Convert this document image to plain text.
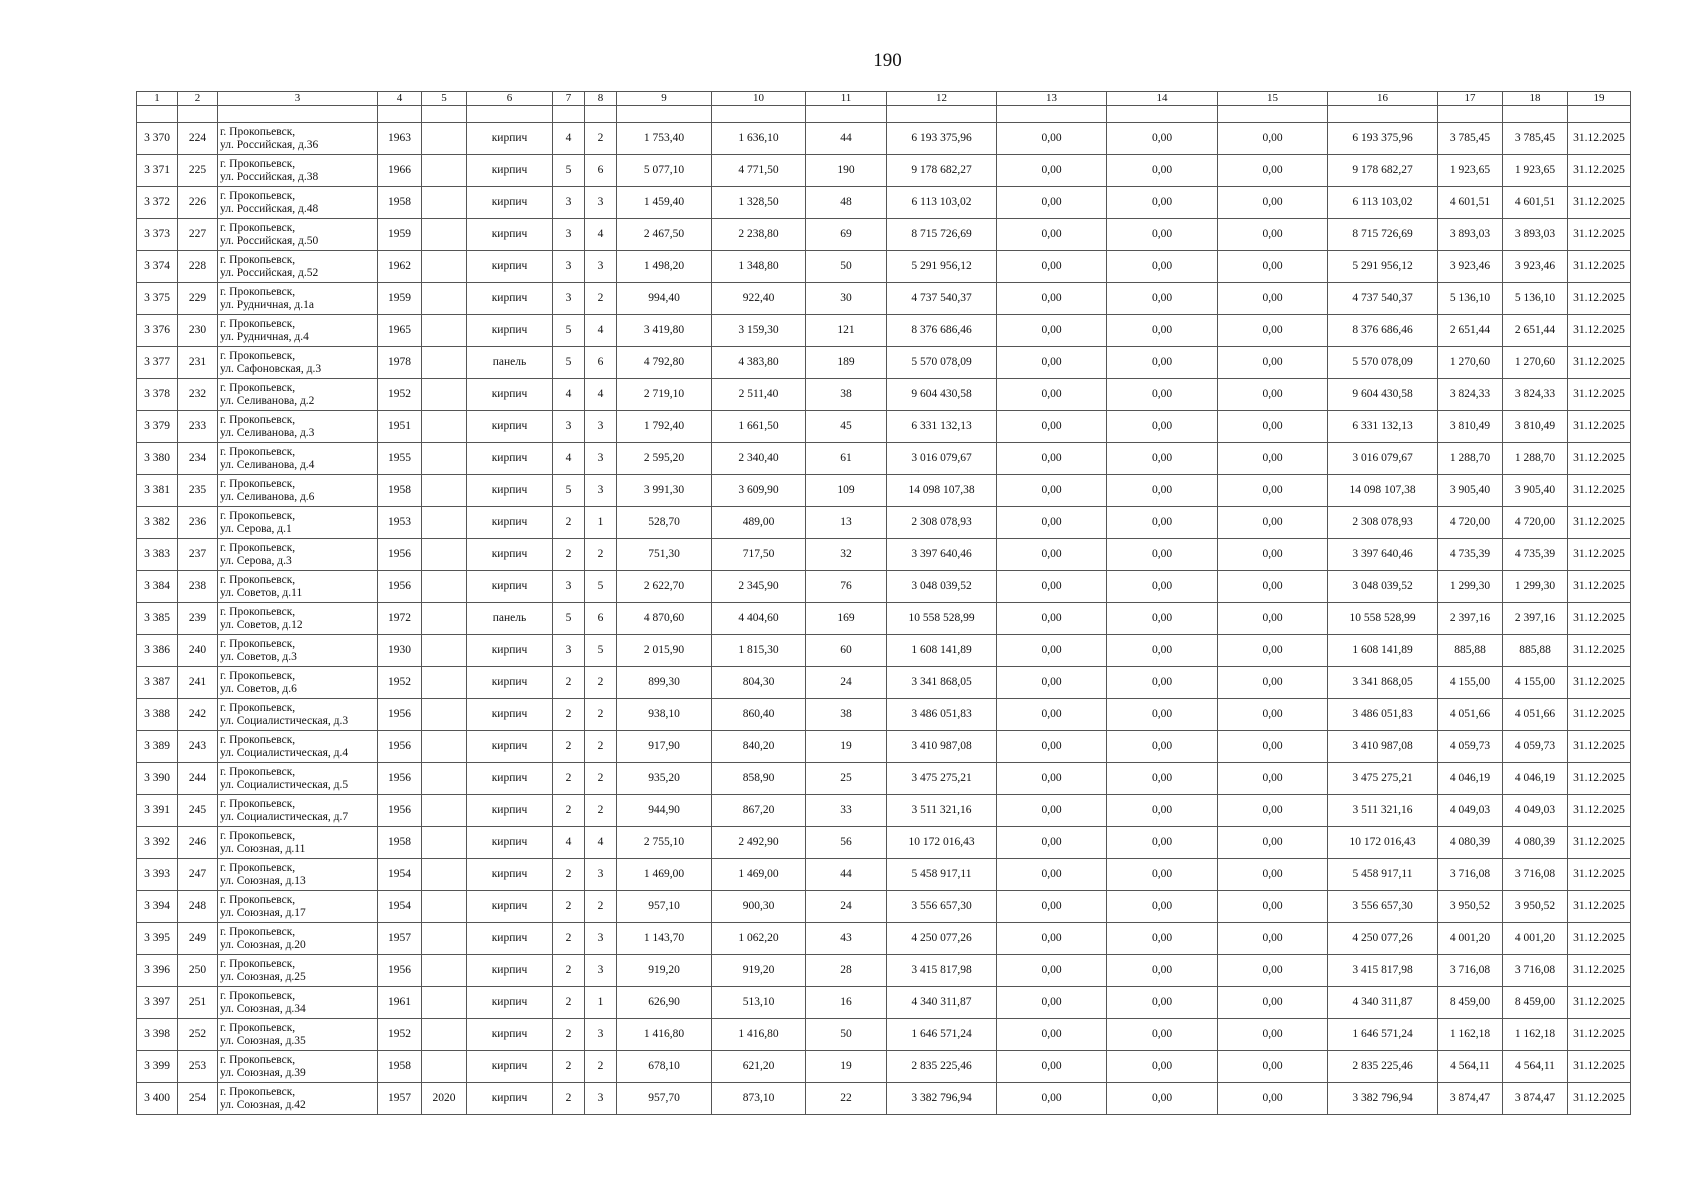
190
1	2	3	4	5	6	7	8	9	10	11	12	13	14	15	16	17	18	19

3 370	224	г. Прокопьевск,
ул. Российская, д.36	1963		кирпич	4	2	1 753,40	1 636,10	44	6 193 375,96	0,00	0,00	0,00	6 193 375,96	3 785,45	3 785,45	31.12.2025
3 371	225	г. Прокопьевск,
ул. Российская, д.38	1966		кирпич	5	6	5 077,10	4 771,50	190	9 178 682,27	0,00	0,00	0,00	9 178 682,27	1 923,65	1 923,65	31.12.2025
3 372	226	г. Прокопьевск,
ул. Российская, д.48	1958		кирпич	3	3	1 459,40	1 328,50	48	6 113 103,02	0,00	0,00	0,00	6 113 103,02	4 601,51	4 601,51	31.12.2025
3 373	227	г. Прокопьевск,
ул. Российская, д.50	1959		кирпич	3	4	2 467,50	2 238,80	69	8 715 726,69	0,00	0,00	0,00	8 715 726,69	3 893,03	3 893,03	31.12.2025
3 374	228	г. Прокопьевск,
ул. Российская, д.52	1962		кирпич	3	3	1 498,20	1 348,80	50	5 291 956,12	0,00	0,00	0,00	5 291 956,12	3 923,46	3 923,46	31.12.2025
3 375	229	г. Прокопьевск,
ул. Рудничная, д.1а	1959		кирпич	3	2	994,40	922,40	30	4 737 540,37	0,00	0,00	0,00	4 737 540,37	5 136,10	5 136,10	31.12.2025
3 376	230	г. Прокопьевск,
ул. Рудничная, д.4	1965		кирпич	5	4	3 419,80	3 159,30	121	8 376 686,46	0,00	0,00	0,00	8 376 686,46	2 651,44	2 651,44	31.12.2025
3 377	231	г. Прокопьевск,
ул. Сафоновская, д.3	1978		панель	5	6	4 792,80	4 383,80	189	5 570 078,09	0,00	0,00	0,00	5 570 078,09	1 270,60	1 270,60	31.12.2025
3 378	232	г. Прокопьевск,
ул. Селиванова, д.2	1952		кирпич	4	4	2 719,10	2 511,40	38	9 604 430,58	0,00	0,00	0,00	9 604 430,58	3 824,33	3 824,33	31.12.2025
3 379	233	г. Прокопьевск,
ул. Селиванова, д.3	1951		кирпич	3	3	1 792,40	1 661,50	45	6 331 132,13	0,00	0,00	0,00	6 331 132,13	3 810,49	3 810,49	31.12.2025
3 380	234	г. Прокопьевск,
ул. Селиванова, д.4	1955		кирпич	4	3	2 595,20	2 340,40	61	3 016 079,67	0,00	0,00	0,00	3 016 079,67	1 288,70	1 288,70	31.12.2025
3 381	235	г. Прокопьевск,
ул. Селиванова, д.6	1958		кирпич	5	3	3 991,30	3 609,90	109	14 098 107,38	0,00	0,00	0,00	14 098 107,38	3 905,40	3 905,40	31.12.2025
3 382	236	г. Прокопьевск,
ул. Серова, д.1	1953		кирпич	2	1	528,70	489,00	13	2 308 078,93	0,00	0,00	0,00	2 308 078,93	4 720,00	4 720,00	31.12.2025
3 383	237	г. Прокопьевск,
ул. Серова, д.3	1956		кирпич	2	2	751,30	717,50	32	3 397 640,46	0,00	0,00	0,00	3 397 640,46	4 735,39	4 735,39	31.12.2025
3 384	238	г. Прокопьевск,
ул. Советов, д.11	1956		кирпич	3	5	2 622,70	2 345,90	76	3 048 039,52	0,00	0,00	0,00	3 048 039,52	1 299,30	1 299,30	31.12.2025
3 385	239	г. Прокопьевск,
ул. Советов, д.12	1972		панель	5	6	4 870,60	4 404,60	169	10 558 528,99	0,00	0,00	0,00	10 558 528,99	2 397,16	2 397,16	31.12.2025
3 386	240	г. Прокопьевск,
ул. Советов, д.3	1930		кирпич	3	5	2 015,90	1 815,30	60	1 608 141,89	0,00	0,00	0,00	1 608 141,89	885,88	885,88	31.12.2025
3 387	241	г. Прокопьевск,
ул. Советов, д.6	1952		кирпич	2	2	899,30	804,30	24	3 341 868,05	0,00	0,00	0,00	3 341 868,05	4 155,00	4 155,00	31.12.2025
3 388	242	г. Прокопьевск,
ул. Социалистическая, д.3	1956		кирпич	2	2	938,10	860,40	38	3 486 051,83	0,00	0,00	0,00	3 486 051,83	4 051,66	4 051,66	31.12.2025
3 389	243	г. Прокопьевск,
ул. Социалистическая, д.4	1956		кирпич	2	2	917,90	840,20	19	3 410 987,08	0,00	0,00	0,00	3 410 987,08	4 059,73	4 059,73	31.12.2025
3 390	244	г. Прокопьевск,
ул. Социалистическая, д.5	1956		кирпич	2	2	935,20	858,90	25	3 475 275,21	0,00	0,00	0,00	3 475 275,21	4 046,19	4 046,19	31.12.2025
3 391	245	г. Прокопьевск,
ул. Социалистическая, д.7	1956		кирпич	2	2	944,90	867,20	33	3 511 321,16	0,00	0,00	0,00	3 511 321,16	4 049,03	4 049,03	31.12.2025
3 392	246	г. Прокопьевск,
ул. Союзная, д.11	1958		кирпич	4	4	2 755,10	2 492,90	56	10 172 016,43	0,00	0,00	0,00	10 172 016,43	4 080,39	4 080,39	31.12.2025
3 393	247	г. Прокопьевск,
ул. Союзная, д.13	1954		кирпич	2	3	1 469,00	1 469,00	44	5 458 917,11	0,00	0,00	0,00	5 458 917,11	3 716,08	3 716,08	31.12.2025
3 394	248	г. Прокопьевск,
ул. Союзная, д.17	1954		кирпич	2	2	957,10	900,30	24	3 556 657,30	0,00	0,00	0,00	3 556 657,30	3 950,52	3 950,52	31.12.2025
3 395	249	г. Прокопьевск,
ул. Союзная, д.20	1957		кирпич	2	3	1 143,70	1 062,20	43	4 250 077,26	0,00	0,00	0,00	4 250 077,26	4 001,20	4 001,20	31.12.2025
3 396	250	г. Прокопьевск,
ул. Союзная, д.25	1956		кирпич	2	3	919,20	919,20	28	3 415 817,98	0,00	0,00	0,00	3 415 817,98	3 716,08	3 716,08	31.12.2025
3 397	251	г. Прокопьевск,
ул. Союзная, д.34	1961		кирпич	2	1	626,90	513,10	16	4 340 311,87	0,00	0,00	0,00	4 340 311,87	8 459,00	8 459,00	31.12.2025
3 398	252	г. Прокопьевск,
ул. Союзная, д.35	1952		кирпич	2	3	1 416,80	1 416,80	50	1 646 571,24	0,00	0,00	0,00	1 646 571,24	1 162,18	1 162,18	31.12.2025
3 399	253	г. Прокопьевск,
ул. Союзная, д.39	1958		кирпич	2	2	678,10	621,20	19	2 835 225,46	0,00	0,00	0,00	2 835 225,46	4 564,11	4 564,11	31.12.2025
3 400	254	г. Прокопьевск,
ул. Союзная, д.42	1957	2020	кирпич	2	3	957,70	873,10	22	3 382 796,94	0,00	0,00	0,00	3 382 796,94	3 874,47	3 874,47	31.12.2025
